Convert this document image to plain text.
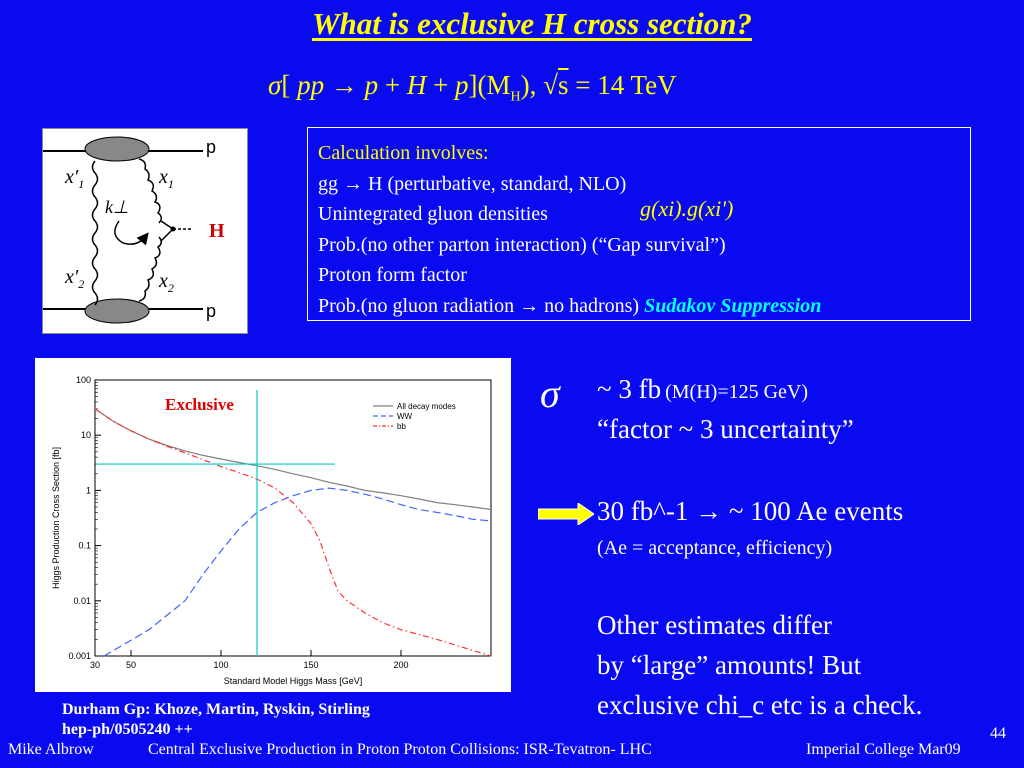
What is exclusive H cross section?
σ[ pp → $p + H + p](M_H)$, √s = 14 TeV
$x'_1$	$x_1$
k⊥
$x'_2$	$x_2$
p
p
H
Calculation involves:
gg → H (perturbative, standard, NLO)
Unintegrated gluon densities	g(xi).g(xi')
Prob.(no other parton interaction) (“Gap survival”)
Proton form factor
Prob.(no gluon radiation → no hadrons) Sudakov Suppression
100
10
1
0.1
0.01
0.001
30	50	100	150	200
Standard Model Higgs Mass [GeV]
Higgs Production Cross Section [fb]
Exclusive	All decay modes
WW
bb
σ ~ 3 fb (M(H)=125 GeV)
“factor ~ 3 uncertainty”
30 fb^-1 → ~ 100 Ae events
(Ae = acceptance, efficiency)
Other estimates differ
by “large” amounts! But
exclusive chi_c etc is a check.
Durham Gp: Khoze, Martin, Ryskin, Stirling
hep-ph/0505240 ++	44
Mike Albrow	Central Exclusive Production in Proton Proton Collisions: ISR-Tevatron- LHC	Imperial College Mar09
